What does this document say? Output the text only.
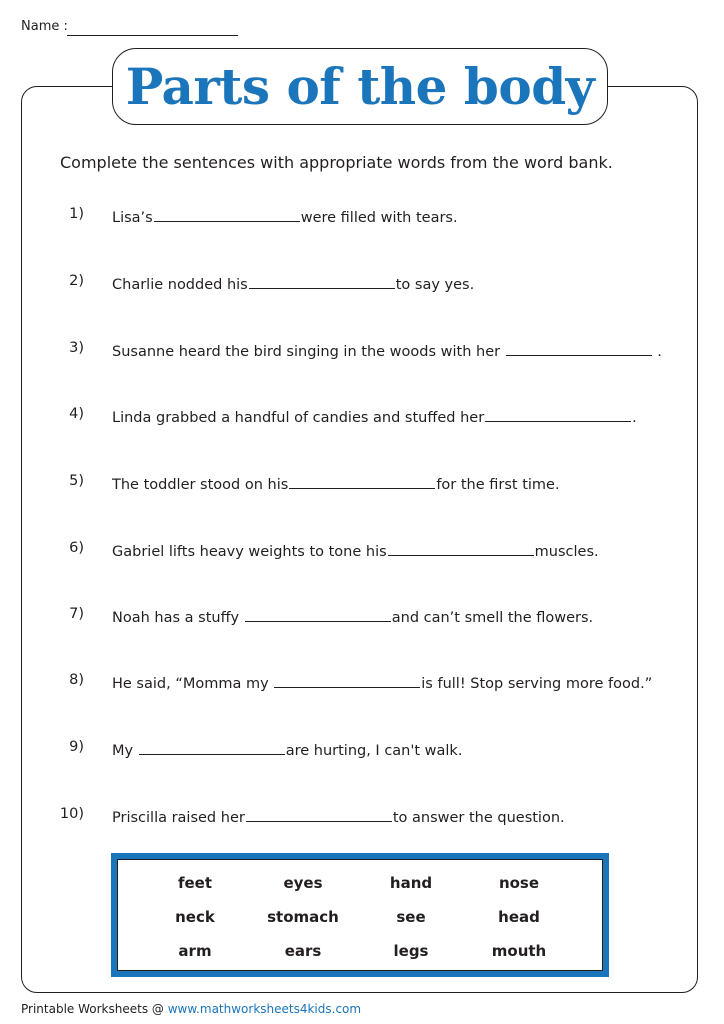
Name :
Parts of the body
Complete the sentences with appropriate words from the word bank.
1) Lisa’s	were filled with tears.
2) Charlie nodded his	to say yes.
3) Susanne heard the bird singing in the woods with her	.
4) Linda grabbed a handful of candies and stuffed her	.
5) The toddler stood on his	for the first time.
6) Gabriel lifts heavy weights to tone his	muscles.
7) Noah has a stuffy	and can’t smell the flowers.
8) He said, “Momma my	is full! Stop serving more food.”
9) My	are hurting, I can't walk.
10) Priscilla raised her	to answer the question.
feet	eyes	hand	nose
neck	stomach	see	head
arm	ears	legs	mouth
Printable Worksheets @ www.mathworksheets4kids.com
